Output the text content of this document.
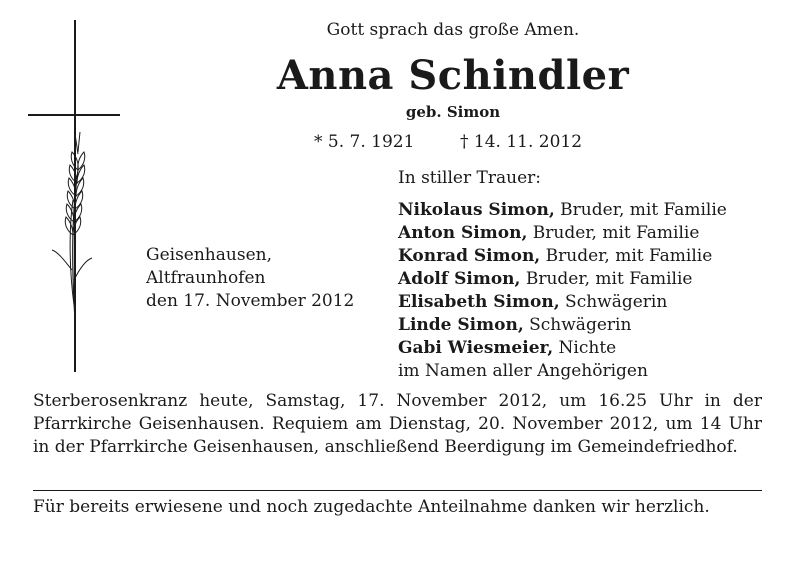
Gott sprach das große Amen.
Anna Schindler
geb. Simon
* 5. 7. 1921	† 14. 11. 2012
In stiller Trauer:
Nikolaus Simon, Bruder, mit Familie
Anton Simon, Bruder, mit Familie
Konrad Simon, Bruder, mit Familie
Adolf Simon, Bruder, mit Familie
Elisabeth Simon, Schwägerin
Linde Simon, Schwägerin
Gabi Wiesmeier, Nichte
im Namen aller Angehörigen
Geisenhausen,
Altfraunhofen
den 17. November 2012
Sterberosenkranz heute, Samstag, 17. November 2012, um 16.25 Uhr in der Pfarrkirche Geisenhausen. Requiem am Dienstag, 20. November 2012, um 14 Uhr in der Pfarrkirche Geisenhausen, anschließend Beerdigung im Gemeindefriedhof.
Für bereits erwiesene und noch zugedachte Anteilnahme danken wir herzlich.
